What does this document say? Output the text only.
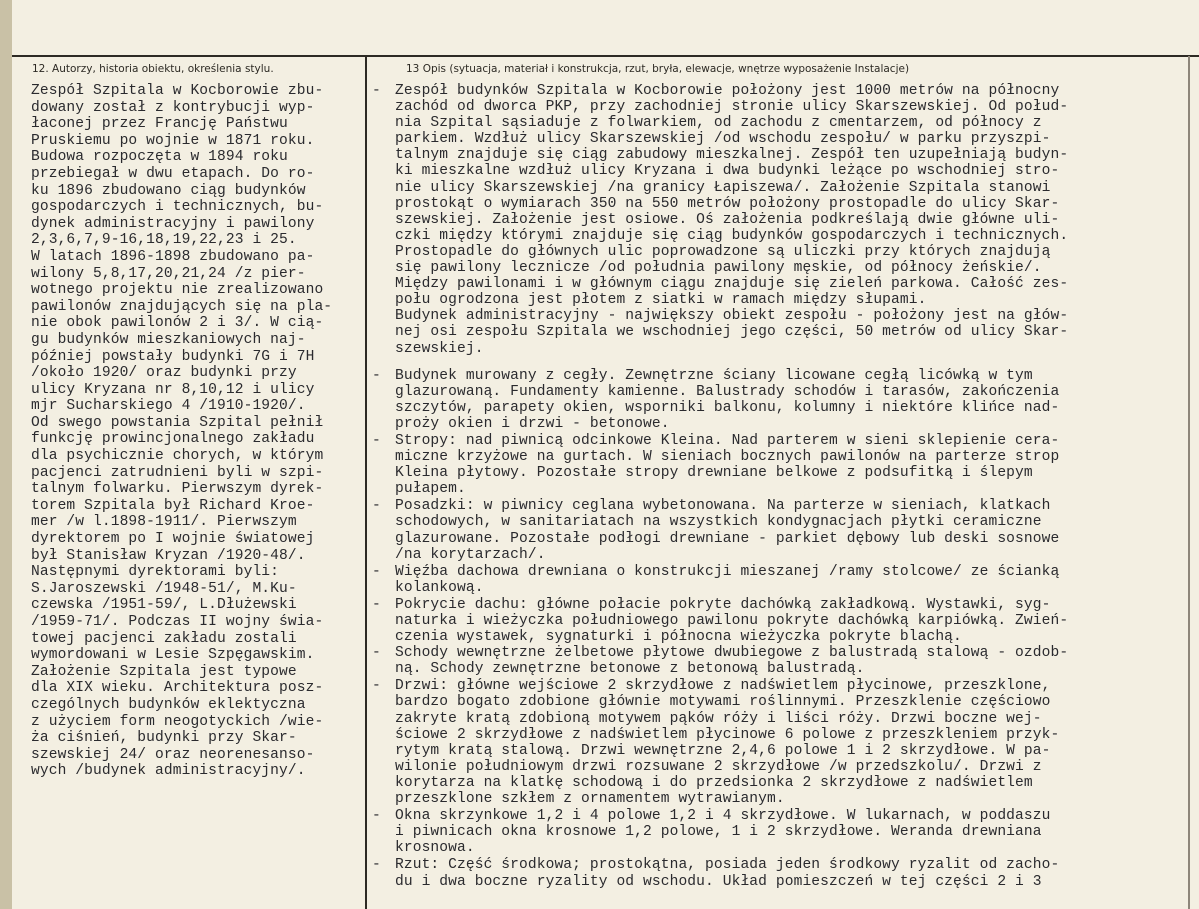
12. Autorzy, historia obiektu, określenia stylu.	13 Opis (sytuacja, materiał i konstrukcja, rzut, bryła, elewacje, wnętrze wyposażenie Instalacje)
Zespół Szpitala w Kocborowie zbu-
dowany został z kontrybucji wyp-
łaconej przez Francję Państwu
Pruskiemu po wojnie w 1871 roku.
Budowa rozpoczęta w 1894 roku
przebiegał w dwu etapach. Do ro-
ku 1896 zbudowano ciąg budynków
gospodarczych i technicznych, bu-
dynek administracyjny i pawilony
2,3,6,7,9-16,18,19,22,23 i 25.
W latach 1896-1898 zbudowano pa-
wilony 5,8,17,20,21,24 /z pier-
wotnego projektu nie zrealizowano
pawilonów znajdujących się na pla-
nie obok pawilonów 2 i 3/. W cią-
gu budynków mieszkaniowych naj-
później powstały budynki 7G i 7H
/około 1920/ oraz budynki przy
ulicy Kryzana nr 8,10,12 i ulicy
mjr Sucharskiego 4 /1910-1920/.
Od swego powstania Szpital pełnił
funkcję prowincjonalnego zakładu
dla psychicznie chorych, w którym
pacjenci zatrudnieni byli w szpi-
talnym folwarku. Pierwszym dyrek-
torem Szpitala był Richard Kroe-
mer /w l.1898-1911/. Pierwszym
dyrektorem po I wojnie światowej
był Stanisław Kryzan /1920-48/.
Następnymi dyrektorami byli:
S.Jaroszewski /1948-51/, M.Ku-
czewska /1951-59/, L.Dłużewski
/1959-71/. Podczas II wojny świa-
towej pacjenci zakładu zostali
wymordowani w Lesie Szpęgawskim.
Założenie Szpitala jest typowe
dla XIX wieku. Architektura posz-
czególnych budynków eklektyczna
z użyciem form neogotyckich /wie-
ża ciśnień, budynki przy Skar-
szewskiej 24/ oraz neorenesanso-
wych /budynek administracyjny/.
- Zespół budynków Szpitala w Kocborowie położony jest 1000 metrów na północny
zachód od dworca PKP, przy zachodniej stronie ulicy Skarszewskiej. Od połud-
nia Szpital sąsiaduje z folwarkiem, od zachodu z cmentarzem, od północy z
parkiem. Wzdłuż ulicy Skarszewskiej /od wschodu zespołu/ w parku przyszpi-
talnym znajduje się ciąg zabudowy mieszkalnej. Zespół ten uzupełniają budyn-
ki mieszkalne wzdłuż ulicy Kryzana i dwa budynki leżące po wschodniej stro-
nie ulicy Skarszewskiej /na granicy Łapiszewa/. Założenie Szpitala stanowi
prostokąt o wymiarach 350 na 550 metrów położony prostopadle do ulicy Skar-
szewskiej. Założenie jest osiowe. Oś założenia podkreślają dwie główne uli-
czki między którymi znajduje się ciąg budynków gospodarczych i technicznych.
Prostopadle do głównych ulic poprowadzone są uliczki przy których znajdują
się pawilony lecznicze /od południa pawilony męskie, od północy żeńskie/.
Między pawilonami i w głównym ciągu znajduje się zieleń parkowa. Całość zes-
połu ogrodzona jest płotem z siatki w ramach między słupami.
Budynek administracyjny - największy obiekt zespołu - położony jest na głów-
nej osi zespołu Szpitala we wschodniej jego części, 50 metrów od ulicy Skar-
szewskiej.
- Budynek murowany z cegły. Zewnętrzne ściany licowane cegłą licówką w tym
glazurowaną. Fundamenty kamienne. Balustrady schodów i tarasów, zakończenia
szczytów, parapety okien, wsporniki balkonu, kolumny i niektóre klińce nad-
proży okien i drzwi - betonowe.
- Stropy: nad piwnicą odcinkowe Kleina. Nad parterem w sieni sklepienie cera-
miczne krzyżowe na gurtach. W sieniach bocznych pawilonów na parterze strop
Kleina płytowy. Pozostałe stropy drewniane belkowe z podsufitką i ślepym
pułapem.
- Posadzki: w piwnicy ceglana wybetonowana. Na parterze w sieniach, klatkach
schodowych, w sanitariatach na wszystkich kondygnacjach płytki ceramiczne
glazurowane. Pozostałe podłogi drewniane - parkiet dębowy lub deski sosnowe
/na korytarzach/.
- Więźba dachowa drewniana o konstrukcji mieszanej /ramy stolcowe/ ze ścianką
kolankową.
- Pokrycie dachu: główne połacie pokryte dachówką zakładkową. Wystawki, syg-
naturka i wieżyczka południowego pawilonu pokryte dachówką karpiówką. Zwień-
czenia wystawek, sygnaturki i północna wieżyczka pokryte blachą.
- Schody wewnętrzne żelbetowe płytowe dwubiegowe z balustradą stalową - ozdob-
ną. Schody zewnętrzne betonowe z betonową balustradą.
- Drzwi: główne wejściowe 2 skrzydłowe z nadświetlem płycinowe, przeszklone,
bardzo bogato zdobione głównie motywami roślinnymi. Przeszklenie częściowo
zakryte kratą zdobioną motywem pąków róży i liści róży. Drzwi boczne wej-
ściowe 2 skrzydłowe z nadświetlem płycinowe 6 polowe z przeszkleniem przyk-
rytym kratą stalową. Drzwi wewnętrzne 2,4,6 polowe 1 i 2 skrzydłowe. W pa-
wilonie południowym drzwi rozsuwane 2 skrzydłowe /w przedszkolu/. Drzwi z
korytarza na klatkę schodową i do przedsionka 2 skrzydłowe z nadświetlem
przeszklone szkłem z ornamentem wytrawianym.
- Okna skrzynkowe 1,2 i 4 polowe 1,2 i 4 skrzydłowe. W lukarnach, w poddaszu
i piwnicach okna krosnowe 1,2 polowe, 1 i 2 skrzydłowe. Weranda drewniana
krosnowa.
- Rzut: Część środkowa; prostokątna, posiada jeden środkowy ryzalit od zacho-
du i dwa boczne ryzality od wschodu. Układ pomieszczeń w tej części 2 i 3
